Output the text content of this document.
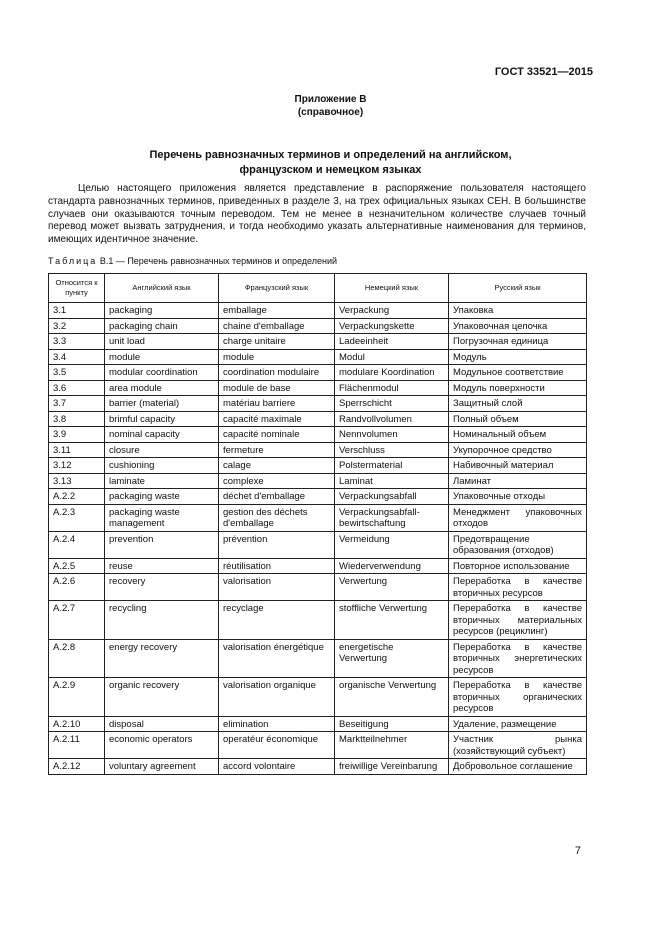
ГОСТ 33521—2015
Приложение В
(справочное)
Перечень равнозначных терминов и определений на английском,
французском и немецком языках
Целью настоящего приложения является представление в распоряжение пользователя настоящего стандарта равнозначных терминов, приведенных в разделе 3, на трех официальных языках CEH. В большинстве случаев они оказываются точным переводом. Тем не менее в незначительном количестве случаев точный перевод может вызвать затруднения, и тогда необходимо указать альтернативные наименования для терминов, имеющих идентичное значение.
Таблица В.1 — Перечень равнозначных терминов и определений
Относится к пункту	Английский язык	Французский язык	Немецкий язык	Русский язык
3.1	packaging	emballage	Verpackung	Упаковка
3.2	packaging chain	chaine d'emballage	Verpackungskette	Упаковочная цепочка
3.3	unit load	charge unitaire	Ladeeinheit	Погрузочная единица
3.4	module	module	Modul	Модуль
3.5	modular coordination	coordination modulaire	modulare Koordination	Модульное соответствие
3.6	area module	module de base	Flächenmodul	Модуль поверхности
3.7	barrier (material)	matériau barriere	Sperrschicht	Защитный слой
3.8	brimful capacity	capacité maximale	Randvollvolumen	Полный объем
3.9	nominal capacity	capacité nominale	Nennvolumen	Номинальный объем
3.11	closure	fermeture	Verschluss	Укупорочное средство
3.12	cushioning	calage	Polstermaterial	Набивочный материал
3.13	laminate	complexe	Laminat	Ламинат
A.2.2	packaging waste	déchet d'emballage	Verpackungsabfall	Упаковочные отходы
A.2.3	packaging waste management	gestion des déchets d'emballage	Verpackungsabfall-bewirtschaftung	Менеджмент упаковочных отходов
A.2.4	prevention	prévention	Vermeidung	Предотвращение образования (отходов)
A.2.5	reuse	réutilisation	Wiederverwendung	Повторное использование
A.2.6	recovery	valorisation	Verwertung	Переработка в качестве вторичных ресурсов
A.2.7	recycling	recyclage	stoffliche Verwertung	Переработка в качестве вторичных материальных ресурсов (рециклинг)
A.2.8	energy recovery	valorisation énergétique	energetische Verwertung	Переработка в качестве вторичных энергетических ресурсов
A.2.9	organic recovery	valorisation organique	organische Verwertung	Переработка в качестве вторичных органических ресурсов
A.2.10	disposal	elimination	Beseitigung	Удаление, размещение
A.2.11	economic operators	operatéur économique	Marktteilnehmer	Участник рынка (хозяйствующий субъект)
A.2.12	voluntary agreement	accord volontaire	freiwillige Vereinbarung	Добровольное соглашение
7
